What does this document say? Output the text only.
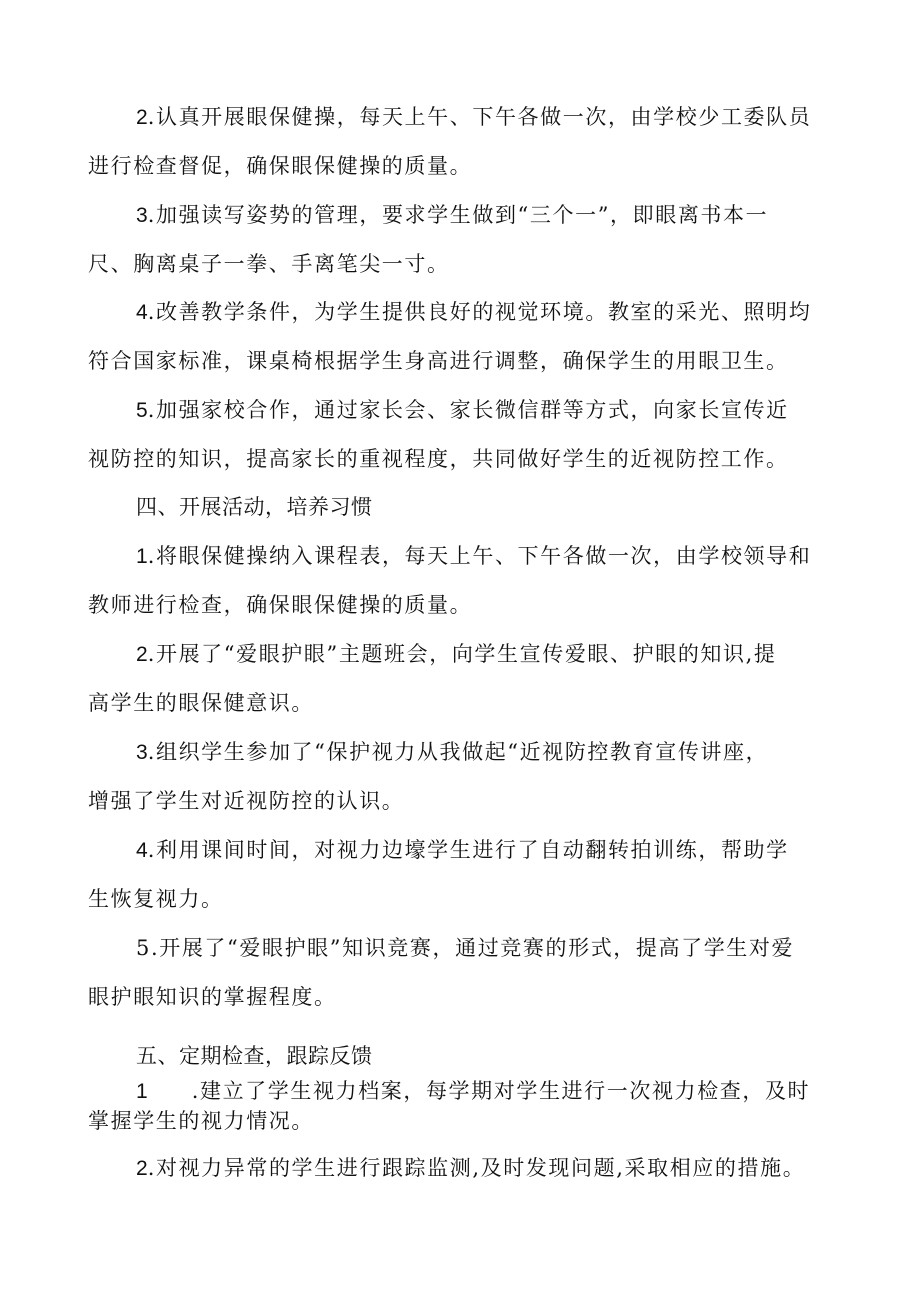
2.认真开展眼保健操，每天上午、下午各做一次，由学校少工委队员
进行检查督促，确保眼保健操的质量。
3.加强读写姿势的管理，要求学生做到“三个一”，即眼离书本一
尺、胸离桌子一拳、手离笔尖一寸。
4.改善教学条件，为学生提供良好的视觉环境。教室的采光、照明均
符合国家标准，课桌椅根据学生身高进行调整，确保学生的用眼卫生。
5.加强家校合作，通过家长会、家长微信群等方式，向家长宣传近
视防控的知识，提高家长的重视程度，共同做好学生的近视防控工作。
四、开展活动，培养习惯
1.将眼保健操纳入课程表，每天上午、下午各做一次，由学校领导和
教师进行检查，确保眼保健操的质量。
2.开展了“爱眼护眼”主题班会，向学生宣传爱眼、护眼的知识,提
高学生的眼保健意识。
3.组织学生参加了“保护视力从我做起“近视防控教育宣传讲座，
增强了学生对近视防控的认识。
4.利用课间时间，对视力边壕学生进行了自动翻转拍训练，帮助学
生恢复视力。
5.开展了“爱眼护眼”知识竞赛，通过竞赛的形式，提高了学生对爱
眼护眼知识的掌握程度。
五、定期检查，跟踪反馈
1 .建立了学生视力档案，每学期对学生进行一次视力检查，及时
掌握学生的视力情况。
2.对视力异常的学生进行跟踪监测,及时发现问题,采取相应的措施。
